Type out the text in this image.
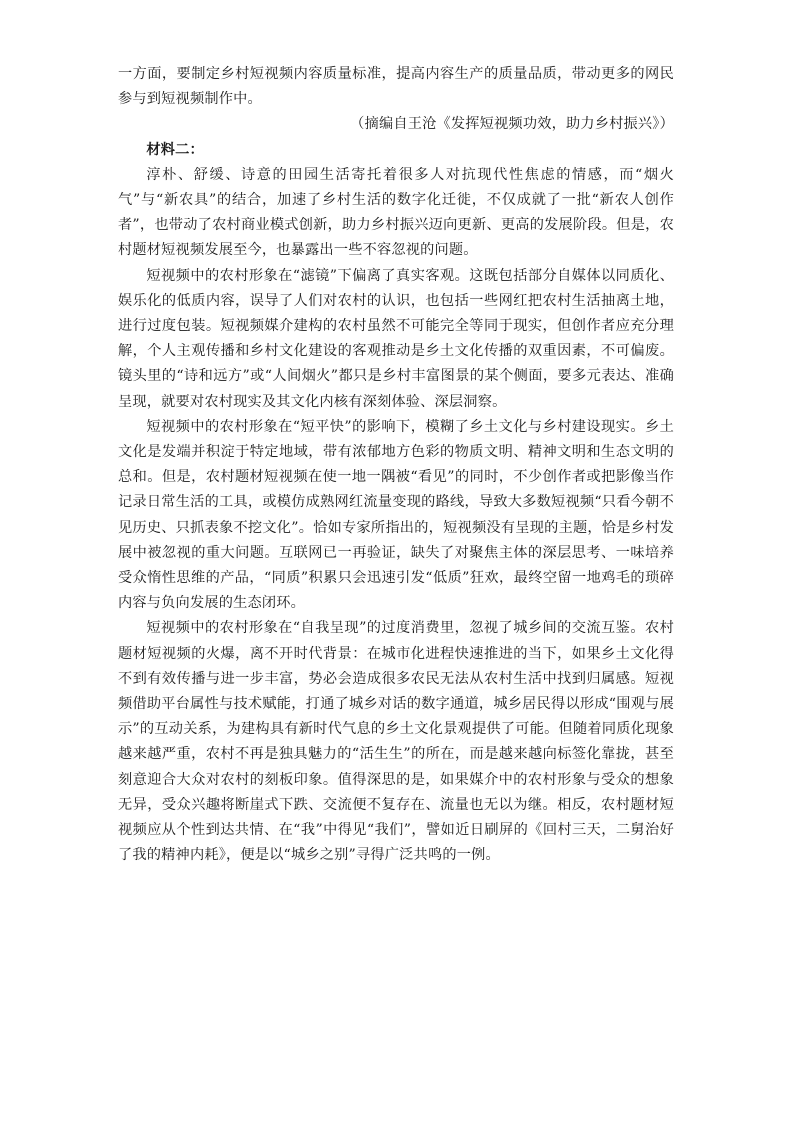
一方面，要制定乡村短视频内容质量标准，提高内容生产的质量品质，带动更多的网民参与到短视频制作中。

（摘编自王沧《发挥短视频功效，助力乡村振兴》）

材料二：

淳朴、舒缓、诗意的田园生活寄托着很多人对抗现代性焦虑的情感，而“烟火气”与“新农具”的结合，加速了乡村生活的数字化迁徙，不仅成就了一批“新农人创作者”，也带动了农村商业模式创新，助力乡村振兴迈向更新、更高的发展阶段。但是，农村题材短视频发展至今，也暴露出一些不容忽视的问题。

短视频中的农村形象在“滤镜”下偏离了真实客观。这既包括部分自媒体以同质化、娱乐化的低质内容，误导了人们对农村的认识，也包括一些网红把农村生活抽离土地，进行过度包装。短视频媒介建构的农村虽然不可能完全等同于现实，但创作者应充分理解，个人主观传播和乡村文化建设的客观推动是乡土文化传播的双重因素，不可偏废。镜头里的“诗和远方”或“人间烟火”都只是乡村丰富图景的某个侧面，要多元表达、准确呈现，就要对农村现实及其文化内核有深刻体验、深层洞察。

短视频中的农村形象在“短平快”的影响下，模糊了乡土文化与乡村建设现实。乡土文化是发端并积淀于特定地域，带有浓郁地方色彩的物质文明、精神文明和生态文明的总和。但是，农村题材短视频在使一地一隅被“看见”的同时，不少创作者或把影像当作记录日常生活的工具，或模仿成熟网红流量变现的路线，导致大多数短视频“只看今朝不见历史、只抓表象不挖文化”。恰如专家所指出的，短视频没有呈现的主题，恰是乡村发展中被忽视的重大问题。互联网已一再验证，缺失了对聚焦主体的深层思考、一味培养受众惰性思维的产品，“同质”积累只会迅速引发“低质”狂欢，最终空留一地鸡毛的琐碎内容与负向发展的生态闭环。

短视频中的农村形象在“自我呈现”的过度消费里，忽视了城乡间的交流互鉴。农村题材短视频的火爆，离不开时代背景：在城市化进程快速推进的当下，如果乡土文化得不到有效传播与进一步丰富，势必会造成很多农民无法从农村生活中找到归属感。短视频借助平台属性与技术赋能，打通了城乡对话的数字通道，城乡居民得以形成“围观与展示”的互动关系，为建构具有新时代气息的乡土文化景观提供了可能。但随着同质化现象越来越严重，农村不再是独具魅力的“活生生”的所在，而是越来越向标签化靠拢，甚至刻意迎合大众对农村的刻板印象。值得深思的是，如果媒介中的农村形象与受众的想象无异，受众兴趣将断崖式下跌、交流便不复存在、流量也无以为继。相反，农村题材短视频应从个性到达共情、在“我”中得见“我们”，譬如近日刷屏的《回村三天，二舅治好了我的精神内耗》，便是以“城乡之别”寻得广泛共鸣的一例。
